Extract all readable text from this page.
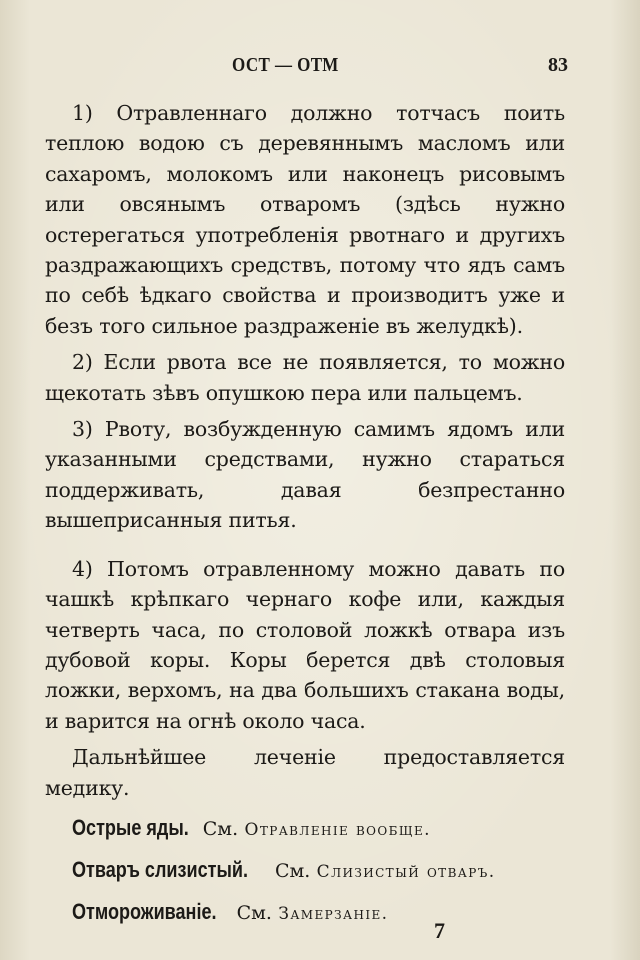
ОСТ — ОТМ	83

1) Отравленнаго должно тотчасъ поить теплою водою съ деревяннымъ масломъ или сахаромъ, молокомъ или наконецъ рисовымъ или овсянымъ отваромъ (здѣсь нужно остерегаться употребленія рвотнаго и другихъ раздражающихъ средствъ, потому что ядъ самъ по себѣ ѣдкаго свойства и производитъ уже и безъ того сильное раздраженіе въ желудкѣ).

2) Если рвота все не появляется, то можно щекотать зѣвъ опушкою пера или пальцемъ.

3) Рвоту, возбужденную самимъ ядомъ или указанными средствами, нужно стараться поддерживать, давая безпрестанно вышеприсанныя питья.

4) Потомъ отравленному можно давать по чашкѣ крѣпкаго чернаго кофе или, каждыя четверть часа, по столовой ложкѣ отвара изъ дубовой коры. Коры берется двѣ столовыя ложки, верхомъ, на два большихъ стакана воды, и варится на огнѣ около часа.

Дальнѣйшее леченіе предоставляется медику.

Острые яды. См. Отравленіе вообще.
Отваръ слизистый. См. Слизистый отваръ.
Отмороживаніе. См. Замерзаніе.
7
